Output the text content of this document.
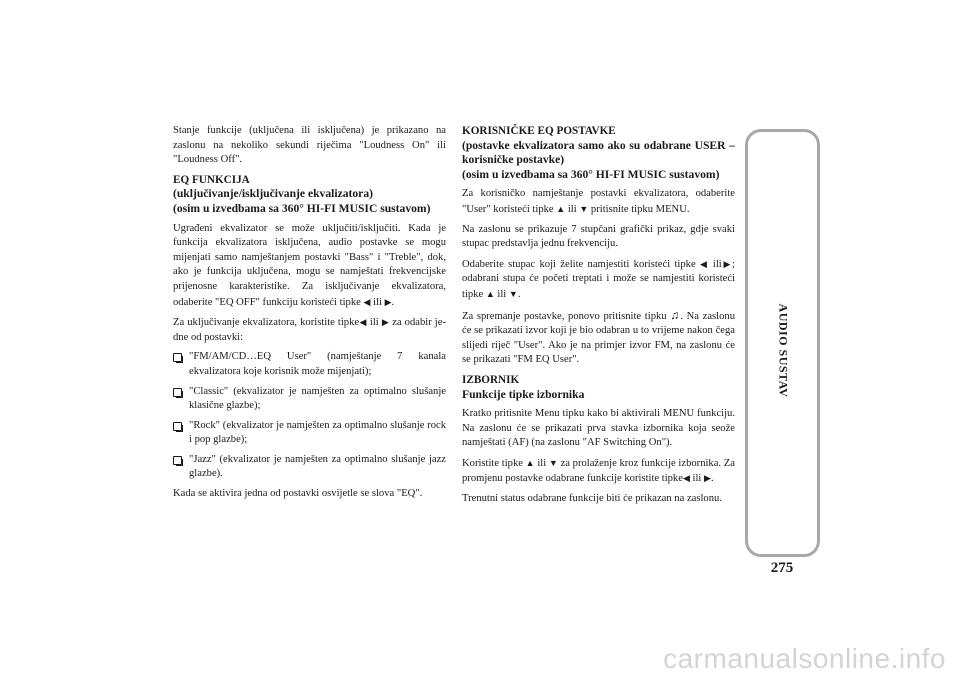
Stanje funkcije (uključena ili isključena) je prikazano na zaslonu na nekoliko sekundi riječima "Loudness On" ili "Loudness Off".

EQ FUNKCIJA

(uključivanje/isključivanje ekvalizatora)

(osim u izvedbama sa 360° HI-FI MUSIC sustavom)

Ugrađeni ekvalizator se može uključiti/isključiti. Kada je funkcija ekvalizatora isključena, audio postavke se mogu mijenjati samo namještanjem postavki "Bass" i "Treble", dok, ako je funkcija uključena, mogu se namještati frekvencijske prijenosne karakteristike. Za isključivanje ekvalizatora, odaberite "EQ OFF" funkciju koristeći tipke ◀ ili ▶.

Za uključivanje ekvalizatora, koristite tipke◀ ili ▶ za odabir je-dne od postavki:

"FM/AM/CD…EQ User" (namještanje 7 kanala ekvalizatora koje korisnik može mijenjati);
"Classic" (ekvalizator je namješten za optimalno slušanje klasične glazbe);
"Rock" (ekvalizator je namješten za optimalno slušanje rock i pop glazbe);
"Jazz" (ekvalizator je namješten za optimalno slušanje jazz glazbe).

Kada se aktivira jedna od postavki osvijetle se slova "EQ".

KORISNIČKE EQ POSTAVKE

(postavke ekvalizatora samo ako su odabrane USER – korisničke postavke)

(osim u izvedbama sa 360° HI-FI MUSIC sustavom)

Za korisničko namještanje postavki ekvalizatora, odaberite "User" koristeći tipke ▲ ili ▼ pritisnite tipku MENU.

Na zaslonu se prikazuje 7 stupčani grafički prikaz, gdje svaki stupac predstavlja jednu frekvenciju.

Odaberite stupac koji želite namjestiti koristeći tipke ◀ ili▶; odabrani stupa će početi treptati i može se namjestiti koristeći tipke ▲ ili ▼.

Za spremanje postavke, ponovo pritisnite tipku ♫. Na zaslonu će se prikazati izvor koji je bio odabran u to vrijeme nakon čega slijedi riječ "User". Ako je na primjer izvor FM, na zaslonu će se prikazati "FM EQ User".

IZBORNIK

Funkcije tipke izbornika

Kratko pritisnite Menu tipku kako bi aktivirali MENU funkciju. Na zaslonu će se prikazati prva stavka izbornika koja seože namještati (AF) (na zaslonu "AF Switching On").

Koristite tipke ▲ ili ▼ za prolaženje kroz funkcije izbornika. Za promjenu postavke odabrane funkcije koristite tipke◀ ili ▶.

Trenutni status odabrane funkcije biti će prikazan na zaslonu.

AUDIO SUSTAV
275
carmanualsonline.info
